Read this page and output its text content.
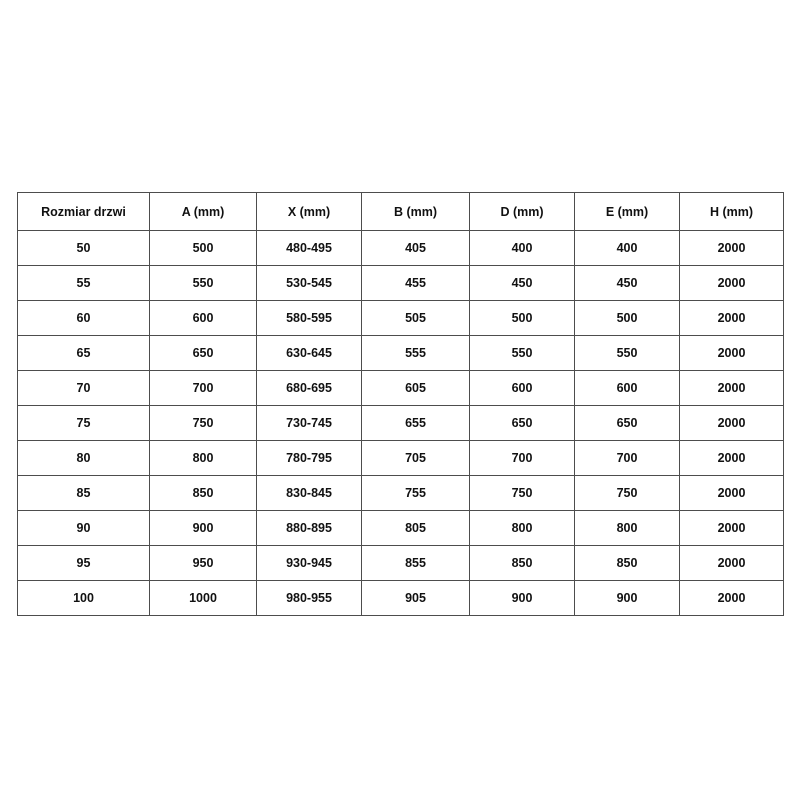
Rozmiar drzwi	A (mm)	X (mm)	B (mm)	D (mm)	E (mm)	H (mm)
50	500	480-495	405	400	400	2000
55	550	530-545	455	450	450	2000
60	600	580-595	505	500	500	2000
65	650	630-645	555	550	550	2000
70	700	680-695	605	600	600	2000
75	750	730-745	655	650	650	2000
80	800	780-795	705	700	700	2000
85	850	830-845	755	750	750	2000
90	900	880-895	805	800	800	2000
95	950	930-945	855	850	850	2000
100	1000	980-955	905	900	900	2000
